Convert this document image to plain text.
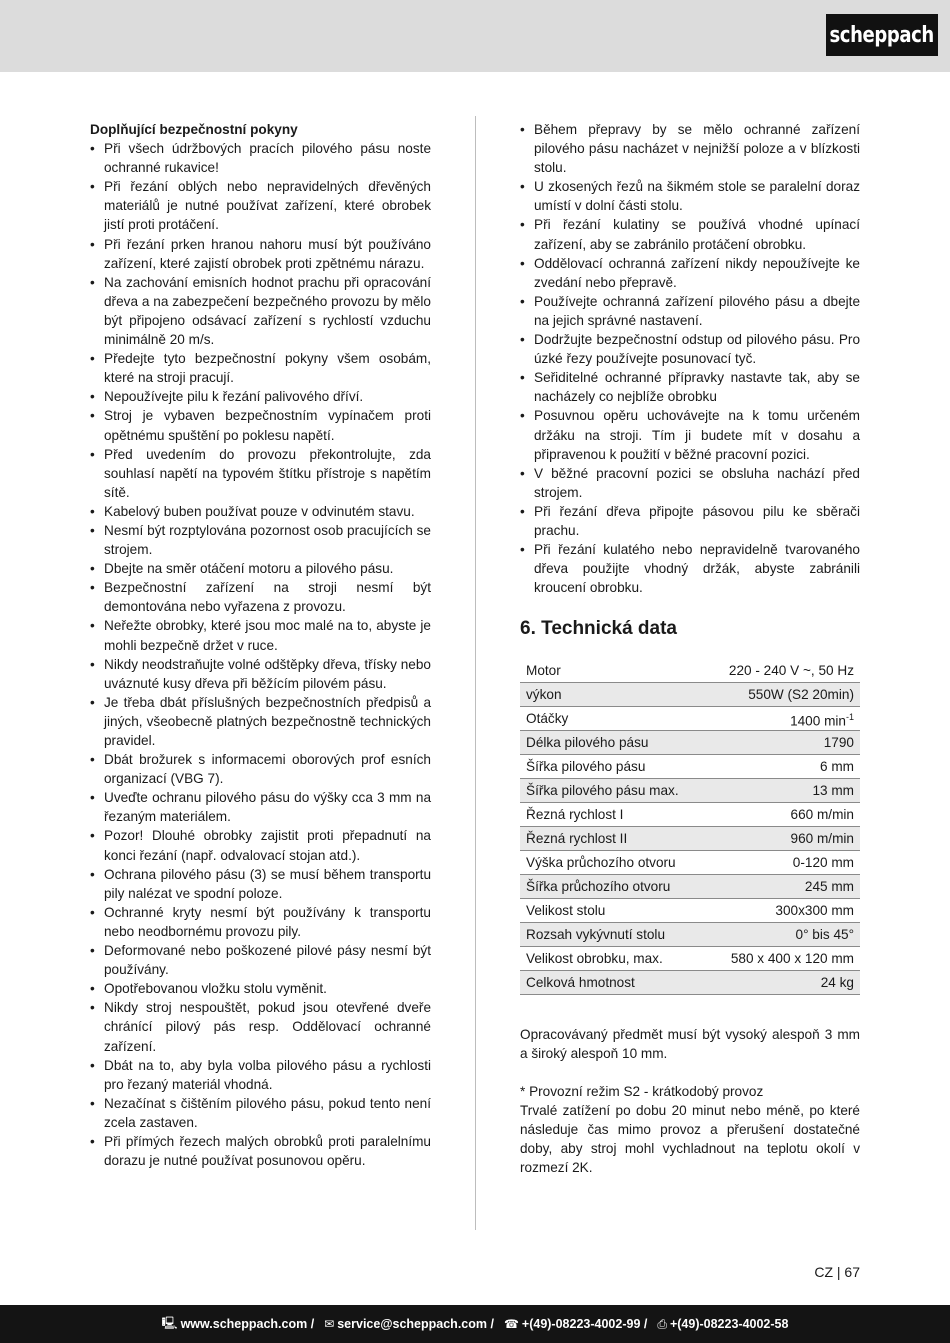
scheppach
Doplňující bezpečnostní pokyny
• Při všech údržbových pracích pilového pásu noste ochranné rukavice!
• Při řezání oblých nebo nepravidelných dřevěných materiálů je nutné používat zařízení, které obrobek jistí proti protáčení.
• Při řezání prken hranou nahoru musí být používáno zařízení, které zajistí obrobek proti zpětnému nárazu.
• Na zachování emisních hodnot prachu při opracování dřeva a na zabezpečení bezpečného provozu by mělo být připojeno odsávací zařízení s rychlostí vzduchu minimálně 20 m/s.
• Předejte tyto bezpečnostní pokyny všem osobám, které na stroji pracují.
• Nepoužívejte pilu k řezání palivového dříví.
• Stroj je vybaven bezpečnostním vypínačem proti opětnému spuštění po poklesu napětí.
• Před uvedením do provozu překontrolujte, zda souhlasí napětí na typovém štítku přístroje s napětím sítě.
• Kabelový buben používat pouze v odvinutém stavu.
• Nesmí být rozptylována pozornost osob pracujících se strojem.
• Dbejte na směr otáčení motoru a pilového pásu.
• Bezpečnostní zařízení na stroji nesmí být demontována nebo vyřazena z provozu.
• Neřežte obrobky, které jsou moc malé na to, abyste je mohli bezpečně držet v ruce.
• Nikdy neodstraňujte volné odštěpky dřeva, třísky nebo uváznuté kusy dřeva při běžícím pilovém pásu.
• Je třeba dbát příslušných bezpečnostních předpisů a jiných, všeobecně platných bezpečnostně technických pravidel.
• Dbát brožurek s informacemi oborových prof esních organizací (VBG 7).
• Uveďte ochranu pilového pásu do výšky cca 3 mm na řezaným materiálem.
• Pozor! Dlouhé obrobky zajistit proti přepadnutí na konci řezání (např. odvalovací stojan atd.).
• Ochrana pilového pásu (3) se musí během transportu pily nalézat ve spodní poloze.
• Ochranné kryty nesmí být používány k transportu nebo neodbornému provozu pily.
• Deformované nebo poškozené pilové pásy nesmí být používány.
• Opotřebovanou vložku stolu vyměnit.
• Nikdy stroj nespouštět, pokud jsou otevřené dveře chránící pilový pás resp. Oddělovací ochranné zařízení.
• Dbát na to, aby byla volba pilového pásu a rychlosti pro řezaný materiál vhodná.
• Nezačínat s čištěním pilového pásu, pokud tento není zcela zastaven.
• Při přímých řezech malých obrobků proti paralelnímu dorazu je nutné používat posunovou opěru.
• Během přepravy by se mělo ochranné zařízení pilového pásu nacházet v nejnižší poloze a v blízkosti stolu.
• U zkosených řezů na šikmém stole se paralelní doraz umístí v dolní části stolu.
• Při řezání kulatiny se používá vhodné upínací zařízení, aby se zabránilo protáčení obrobku.
• Oddělovací ochranná zařízení nikdy nepoužívejte ke zvedání nebo přepravě.
• Používejte ochranná zařízení pilového pásu a dbejte na jejich správné nastavení.
• Dodržujte bezpečnostní odstup od pilového pásu. Pro úzké řezy používejte posunovací tyč.
• Seřiditelné ochranné přípravky nastavte tak, aby se nacházely co nejblíže obrobku
• Posuvnou opěru uchovávejte na k tomu určeném držáku na stroji. Tím ji budete mít v dosahu a připravenou k použití v běžné pracovní pozici.
• V běžné pracovní pozici se obsluha nachází před strojem.
• Při řezání dřeva připojte pásovou pilu ke sběrači prachu.
• Při řezání kulatého nebo nepravidelně tvarovaného dřeva použijte vhodný držák, abyste zabránili kroucení obrobku.
6. Technická data
Motor	220 - 240 V ~, 50 Hz
výkon	550W (S2 20min)
Otáčky	1400 $\min^{-1}$
Délka pilového pásu	1790
Šířka pilového pásu	6 mm
Šířka pilového pásu max.	13 mm
Řezná rychlost I	660 m/min
Řezná rychlost II	960 m/min
Výška průchozího otvoru	0-120 mm
Šířka průchozího otvoru	245 mm
Velikost stolu	300x300 mm
Rozsah vykývnutí stolu	0° bis 45°
Velikost obrobku, max.	580 x 400 x 120 mm
Celková hmotnost	24 kg
Opracovávaný předmět musí být vysoký alespoň 3 mm a široký alespoň 10 mm.
* Provozní režim S2 - krátkodobý provoz
Trvalé zatížení po dobu 20 minut nebo méně, po které následuje čas mimo provoz a přerušení dostatečné doby, aby stroj mohl vychladnout na teplotu okolí v rozmezí 2K.
CZ | 67
🖳 www.scheppach.com / ✉ service@scheppach.com / ☎ +(49)-08223-4002-99 / ⎙ +(49)-08223-4002-58
